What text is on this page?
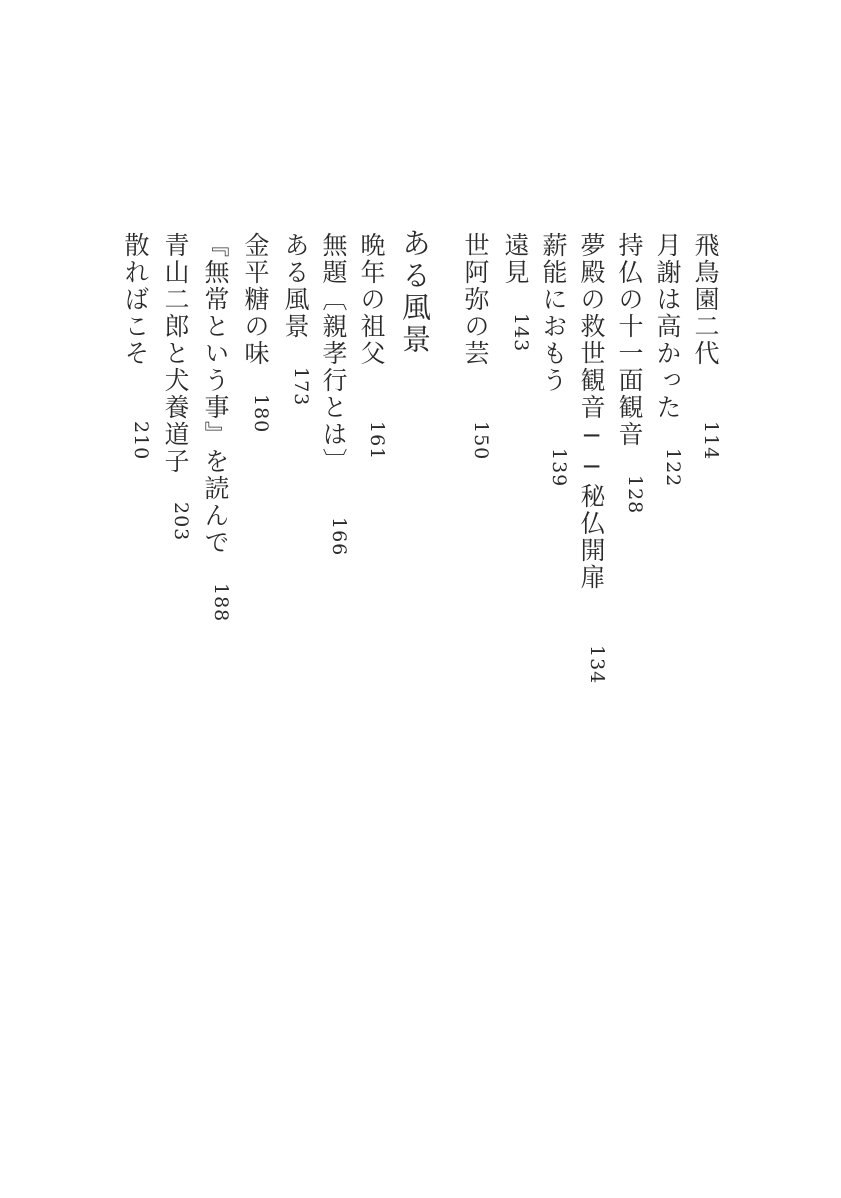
飛鳥園二代　　114
月謝は高かった　122
持仏の十一面観音　128
夢殿の救世観音──秘仏開扉　　134
薪能におもう　　139
遠見　143
世阿弥の芸　　150
ある風景
晩年の祖父　　161
無題〔親孝行とは〕　　166
ある風景　173
金平糖の味　180
『無常という事』を読んで　188
青山二郎と犬養道子　203
散ればこそ　　210
